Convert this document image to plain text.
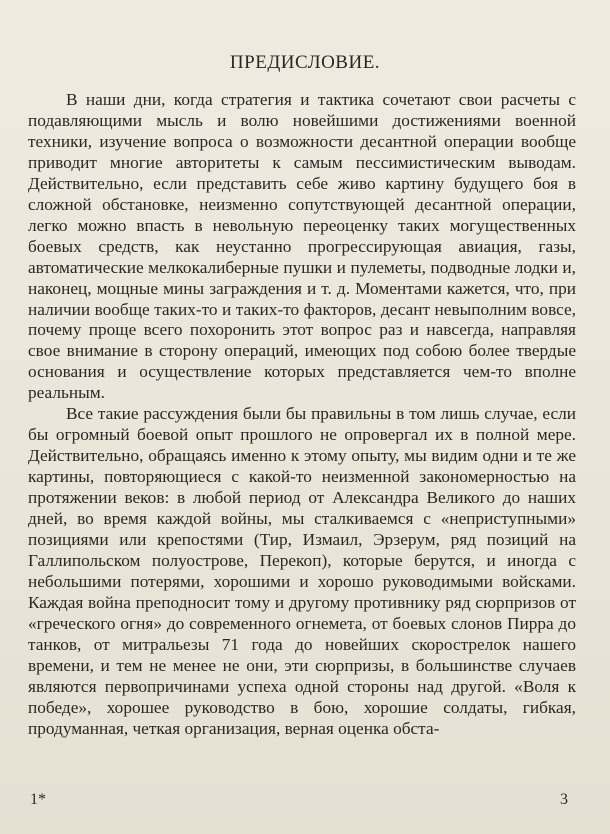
ПРЕДИСЛОВИЕ.

В наши дни, когда стратегия и тактика сочетают свои расчеты с подавляющими мысль и волю новейшими достижениями военной техники, изучение вопроса о возможности десантной операции вообще приводит многие авторитеты к самым пессимистическим выводам. Действительно, если представить себе живо картину будущего боя в сложной обстановке, неизменно сопутствующей десантной операции, легко можно впасть в невольную переоценку таких могущественных боевых средств, как неустанно прогрессирующая авиация, газы, автоматические мелкокалиберные пушки и пулеметы, подводные лодки и, наконец, мощные мины заграждения и т. д. Моментами кажется, что, при наличии вообще таких-то и таких-то факторов, десант невыполним вовсе, почему проще всего похоронить этот вопрос раз и навсегда, направляя свое внимание в сторону операций, имеющих под собою более твердые основания и осуществление которых представляется чем-то вполне реальным.

Все такие рассуждения были бы правильны в том лишь случае, если бы огромный боевой опыт прошлого не опровергал их в полной мере. Действительно, обращаясь именно к этому опыту, мы видим одни и те же картины, повторяющиеся с какой-то неизменной закономерностью на протяжении веков: в любой период от Александра Великого до наших дней, во время каждой войны, мы сталкиваемся с «неприступными» позициями или крепостями (Тир, Измаил, Эрзерум, ряд позиций на Галлипольском полуострове, Перекоп), которые берутся, и иногда с небольшими потерями, хорошими и хорошо руководимыми войсками. Каждая война преподносит тому и другому противнику ряд сюрпризов от «греческого огня» до современного огнемета, от боевых слонов Пирра до танков, от митральезы 71 года до новейших скорострелок нашего времени, и тем не менее не они, эти сюрпризы, в большинстве случаев являются первопричинами успеха одной стороны над другой. «Воля к победе», хорошее руководство в бою, хорошие солдаты, гибкая, продуманная, четкая организация, верная оценка обста-

1*	3
